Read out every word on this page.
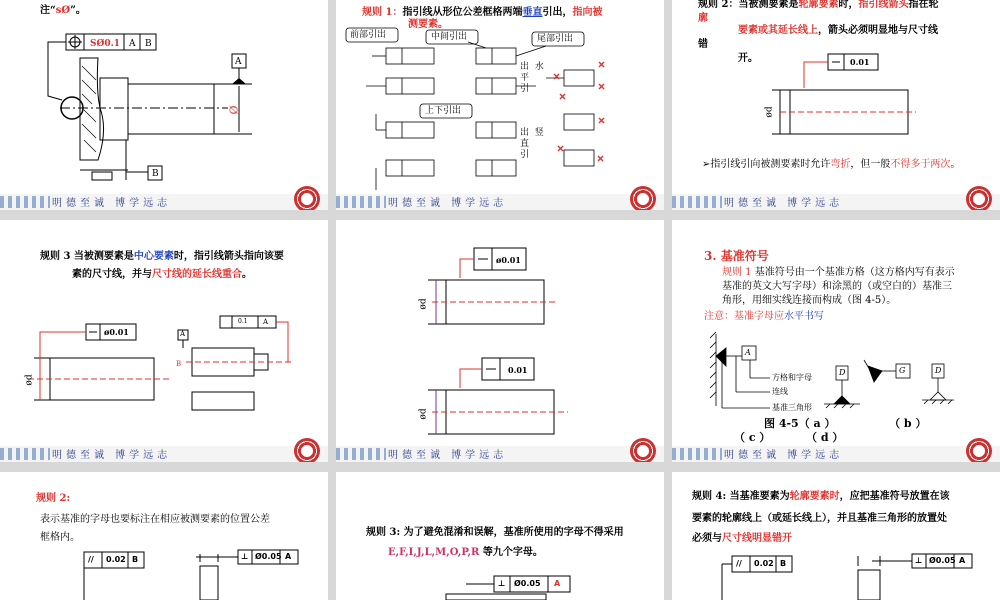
注“sØ”。
SØ0.1 A B
A
B
Ø
明德至诚 博学远志
规则 1：指引线从形位公差框格两端垂直引出，指向被
测要素。
前部引出	中间引出	尾部引出
上下引出
出  水
平
引
出  竖
直
引
明德至诚 博学远志
规则 2：当被测要素是轮廓要素时，指引线箭头指在轮
廓
要素或其延长线上，箭头必须明显地与尺寸线
错
开。	0.01
ød
➢指引线引向被测要素时允许弯折，但一般不得多于两次。
明德至诚 博学远志
规则 3 当被测要素是中心要素时，指引线箭头指向该要
素的尺寸线，并与尺寸线的延长线重合。
ø0.01
0.1 A
A
ød
B
明德至诚 博学远志
ø0.01
0.01
ød
ød
明德至诚 博学远志
3. 基准符号
规则 1 基准符号由一个基准方格（这方格内写有表示
基准的英文大写字母）和涂黑的（或空白的）基准三
角形，用细实线连接而构成（图 4-5）。
注意：基准字母应水平书写
A
D	G	D
方格和字母
连线
基准三角形
图 4-5（ a ）              （ b ）
（ c ）	（ d ）
明德至诚 博学远志
规则 2:
表示基准的字母也要标注在相应被测要素的位置公差
框格内。
// 0.02 B	⊥ Ø0.05 A
规则 3: 为了避免混淆和误解，基准所使用的字母不得采用
E,F,I,J,L,M,O,P,R 等九个字母。
⊥ Ø0.05 A
规则 4: 当基准要素为轮廓要素时，应把基准符号放置在该
要素的轮廓线上（或延长线上），并且基准三角形的放置处
必须与尺寸线明显错开
// 0.02 B	⊥ Ø0.05 A
